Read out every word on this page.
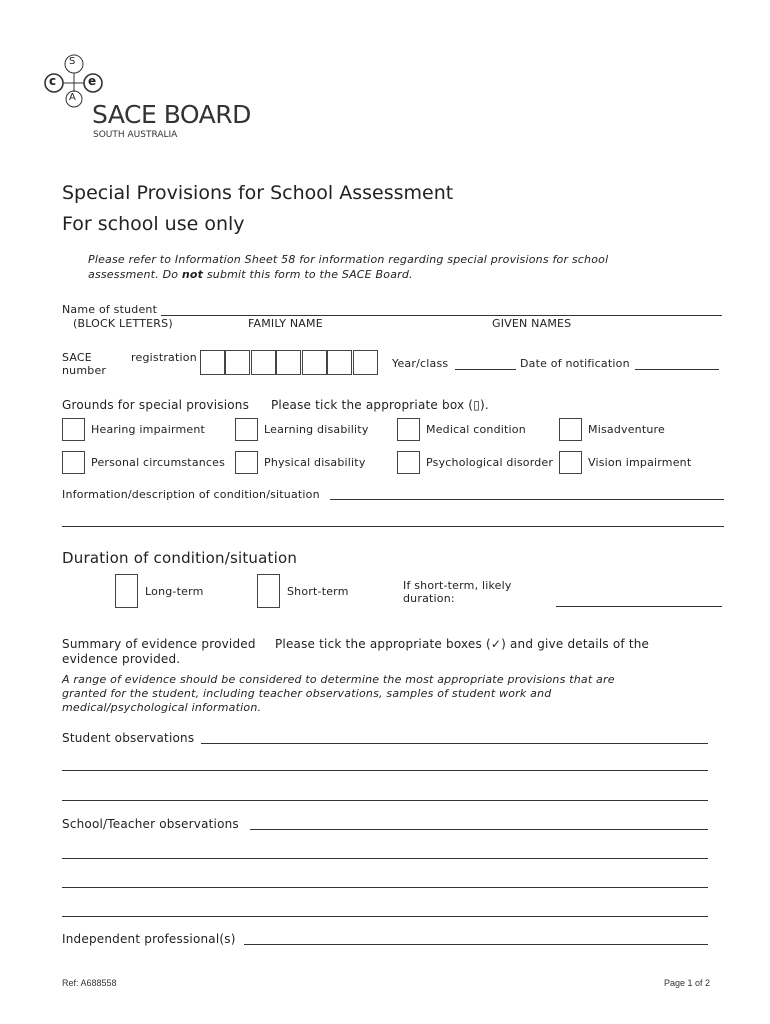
S
c	e
A
SACE BOARD
SOUTH AUSTRALIA
Special Provisions for School Assessment
For school use only
Please refer to Information Sheet 58 for information regarding special provisions for school
assessment. Do not submit this form to the SACE Board.
Name of student
(BLOCK LETTERS)	FAMILY NAME	GIVEN NAMES
SACE	registration
number
Year/class	Date of notification
Grounds for special provisions Please tick the appropriate box (▯).
Hearing impairment	Learning disability	Medical condition	Misadventure
Personal circumstances	Physical disability	Psychological disorder	Vision impairment
Information/description of condition/situation
Duration of condition/situation
Long-term	Short-term	If short-term, likely
duration:
Summary of evidence provided Please tick the appropriate boxes (✓) and give details of the
evidence provided.
A range of evidence should be considered to determine the most appropriate provisions that are
granted for the student, including teacher observations, samples of student work and
medical/psychological information.
Student observations
School/Teacher observations
Independent professional(s)
Ref: A688558	Page 1 of 2
